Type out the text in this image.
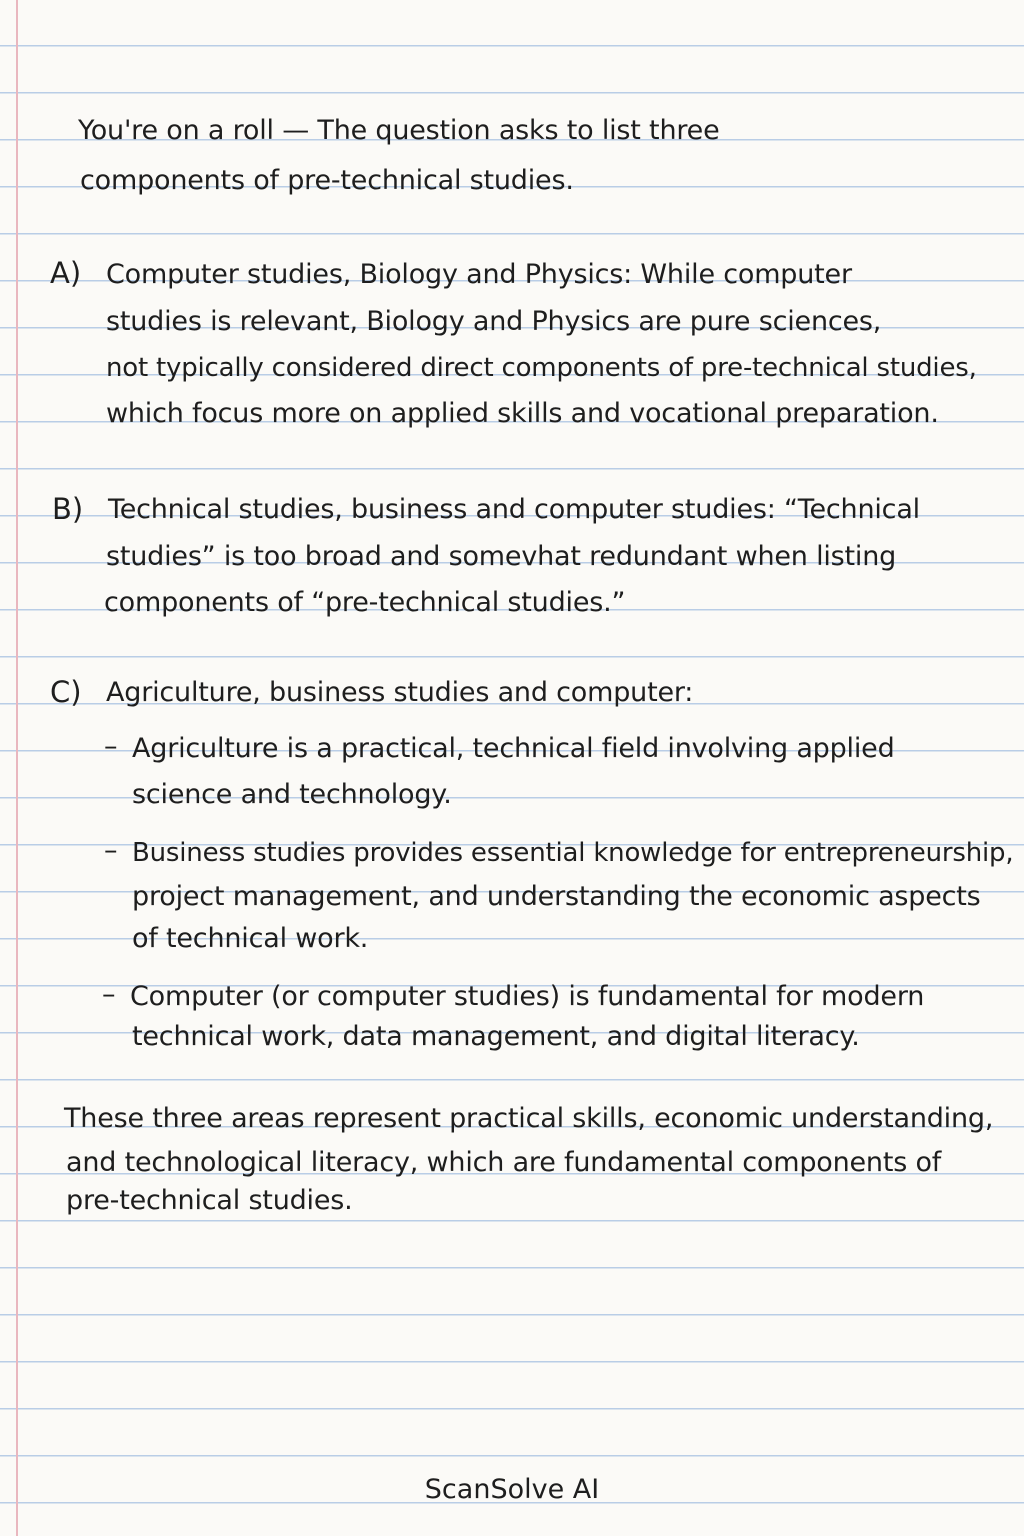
You're on a roll — The question asks to list three
components of pre-technical studies.
A) Computer studies, Biology and Physics: While computer
studies is relevant, Biology and Physics are pure sciences,
not typically considered direct components of pre-technical studies,
which focus more on applied skills and vocational preparation.
B) Technical studies, business and computer studies: “Technical
studies” is too broad and somevhat redundant when listing
components of “pre-technical studies.”
C) Agriculture, business studies and computer:
– Agriculture is a practical, technical field involving applied
science and technology.
– Business studies provides essential knowledge for entrepreneurship,
project management, and understanding the economic aspects
of technical work.
– Computer (or computer studies) is fundamental for modern
technical work, data management, and digital literacy.
These three areas represent practical skills, economic understanding,
and technological literacy, which are fundamental components of
pre-technical studies.
ScanSolve AI
